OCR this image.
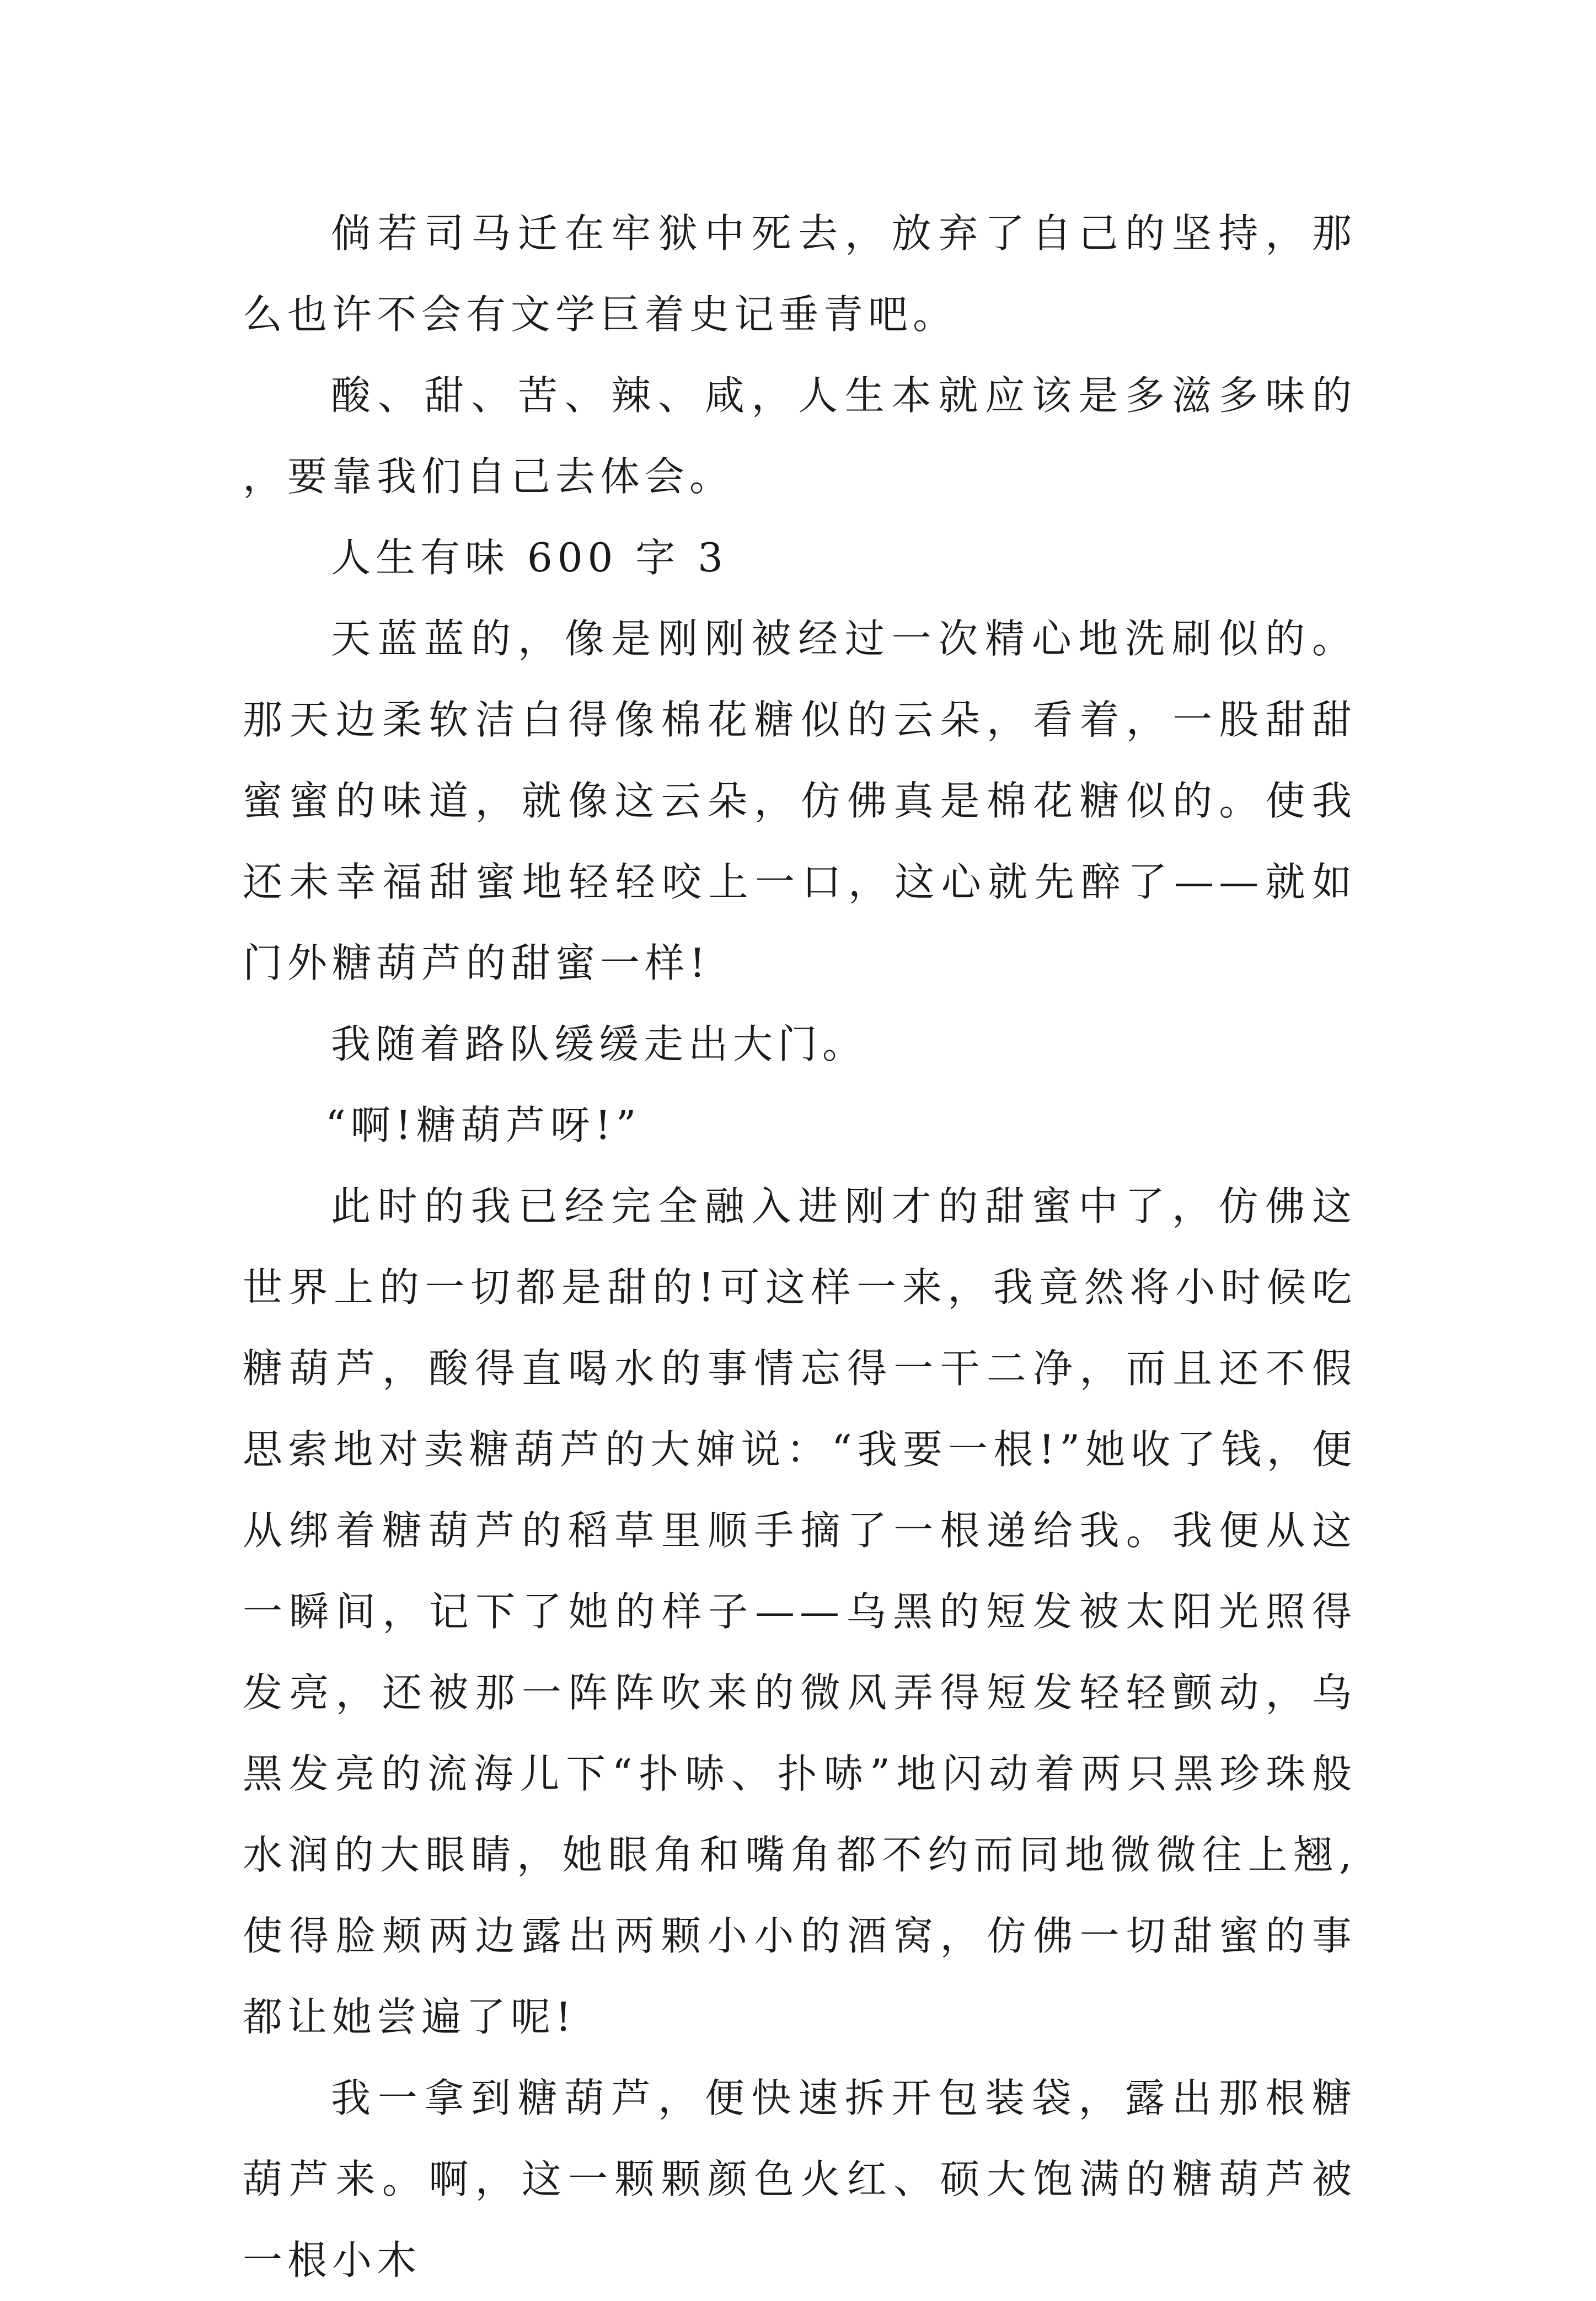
倘若司马迁在牢狱中死去，放弃了自己的坚持，那么也许不会有文学巨着史记垂青吧。

酸、甜、苦、辣、咸，人生本就应该是多滋多味的，要靠我们自己去体会。

人生有味 600 字 3

天蓝蓝的，像是刚刚被经过一次精心地洗刷似的。那天边柔软洁白得像棉花糖似的云朵，看着，一股甜甜蜜蜜的味道，就像这云朵，仿佛真是棉花糖似的。使我还未幸福甜蜜地轻轻咬上一口，这心就先醉了——就如门外糖葫芦的甜蜜一样!

我随着路队缓缓走出大门。

“啊!糖葫芦呀!”

此时的我已经完全融入进刚才的甜蜜中了，仿佛这世界上的一切都是甜的!可这样一来，我竟然将小时候吃糖葫芦，酸得直喝水的事情忘得一干二净，而且还不假思索地对卖糖葫芦的大婶说：“我要一根!”她收了钱，便从绑着糖葫芦的稻草里顺手摘了一根递给我。我便从这一瞬间，记下了她的样子——乌黑的短发被太阳光照得发亮，还被那一阵阵吹来的微风弄得短发轻轻颤动，乌黑发亮的流海儿下“扑哧、扑哧”地闪动着两只黑珍珠般水润的大眼睛，她眼角和嘴角都不约而同地微微往上翘,使得脸颊两边露出两颗小小的酒窝，仿佛一切甜蜜的事都让她尝遍了呢!

我一拿到糖葫芦，便快速拆开包装袋，露出那根糖葫芦来。啊，这一颗颗颜色火红、硕大饱满的糖葫芦被一根小木
